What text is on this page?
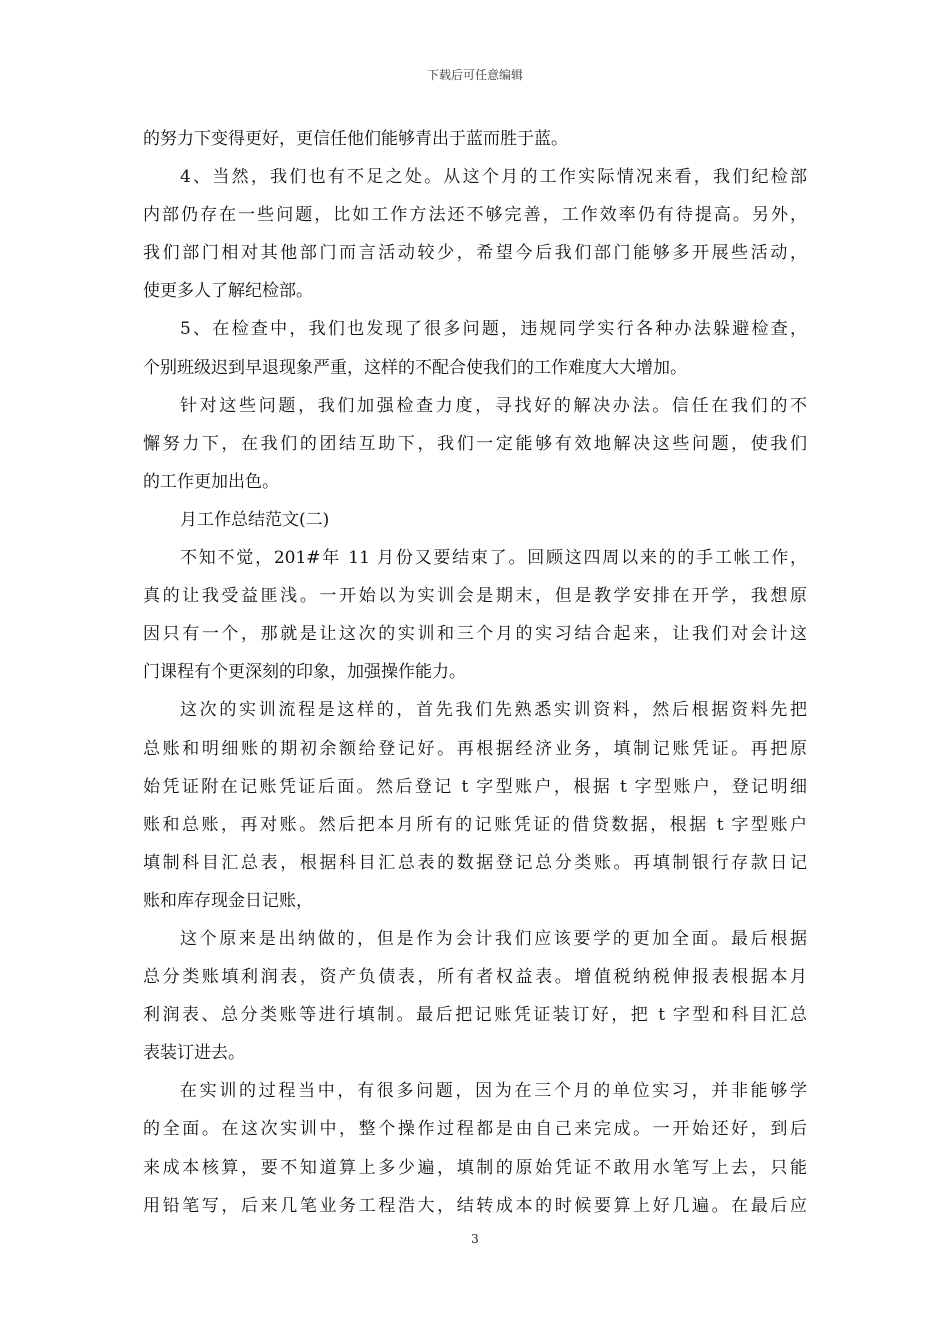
下载后可任意编辑
的努力下变得更好，更信任他们能够青出于蓝而胜于蓝。
4、当然，我们也有不足之处。从这个月的工作实际情况来看，我们纪检部
内部仍存在一些问题，比如工作方法还不够完善，工作效率仍有待提高。另外，
我们部门相对其他部门而言活动较少，希望今后我们部门能够多开展些活动，
使更多人了解纪检部。
5、在检查中，我们也发现了很多问题，违规同学实行各种办法躲避检查，
个别班级迟到早退现象严重，这样的不配合使我们的工作难度大大增加。
针对这些问题，我们加强检查力度，寻找好的解决办法。信任在我们的不
懈努力下，在我们的团结互助下，我们一定能够有效地解决这些问题，使我们
的工作更加出色。
月工作总结范文(二)
不知不觉，201#年 11 月份又要结束了。回顾这四周以来的的手工帐工作，
真的让我受益匪浅。一开始以为实训会是期末，但是教学安排在开学，我想原
因只有一个，那就是让这次的实训和三个月的实习结合起来，让我们对会计这
门课程有个更深刻的印象，加强操作能力。
这次的实训流程是这样的，首先我们先熟悉实训资料，然后根据资料先把
总账和明细账的期初余额给登记好。再根据经济业务，填制记账凭证。再把原
始凭证附在记账凭证后面。然后登记 t 字型账户，根据 t 字型账户，登记明细
账和总账，再对账。然后把本月所有的记账凭证的借贷数据，根据 t 字型账户
填制科目汇总表，根据科目汇总表的数据登记总分类账。再填制银行存款日记
账和库存现金日记账，
这个原来是出纳做的，但是作为会计我们应该要学的更加全面。最后根据
总分类账填利润表，资产负债表，所有者权益表。增值税纳税伸报表根据本月
利润表、总分类账等进行填制。最后把记账凭证装订好，把 t 字型和科目汇总
表装订进去。
在实训的过程当中，有很多问题，因为在三个月的单位实习，并非能够学
的全面。在这次实训中，整个操作过程都是由自己来完成。一开始还好，到后
来成本核算，要不知道算上多少遍，填制的原始凭证不敢用水笔写上去，只能
用铅笔写，后来几笔业务工程浩大，结转成本的时候要算上好几遍。在最后应
3
